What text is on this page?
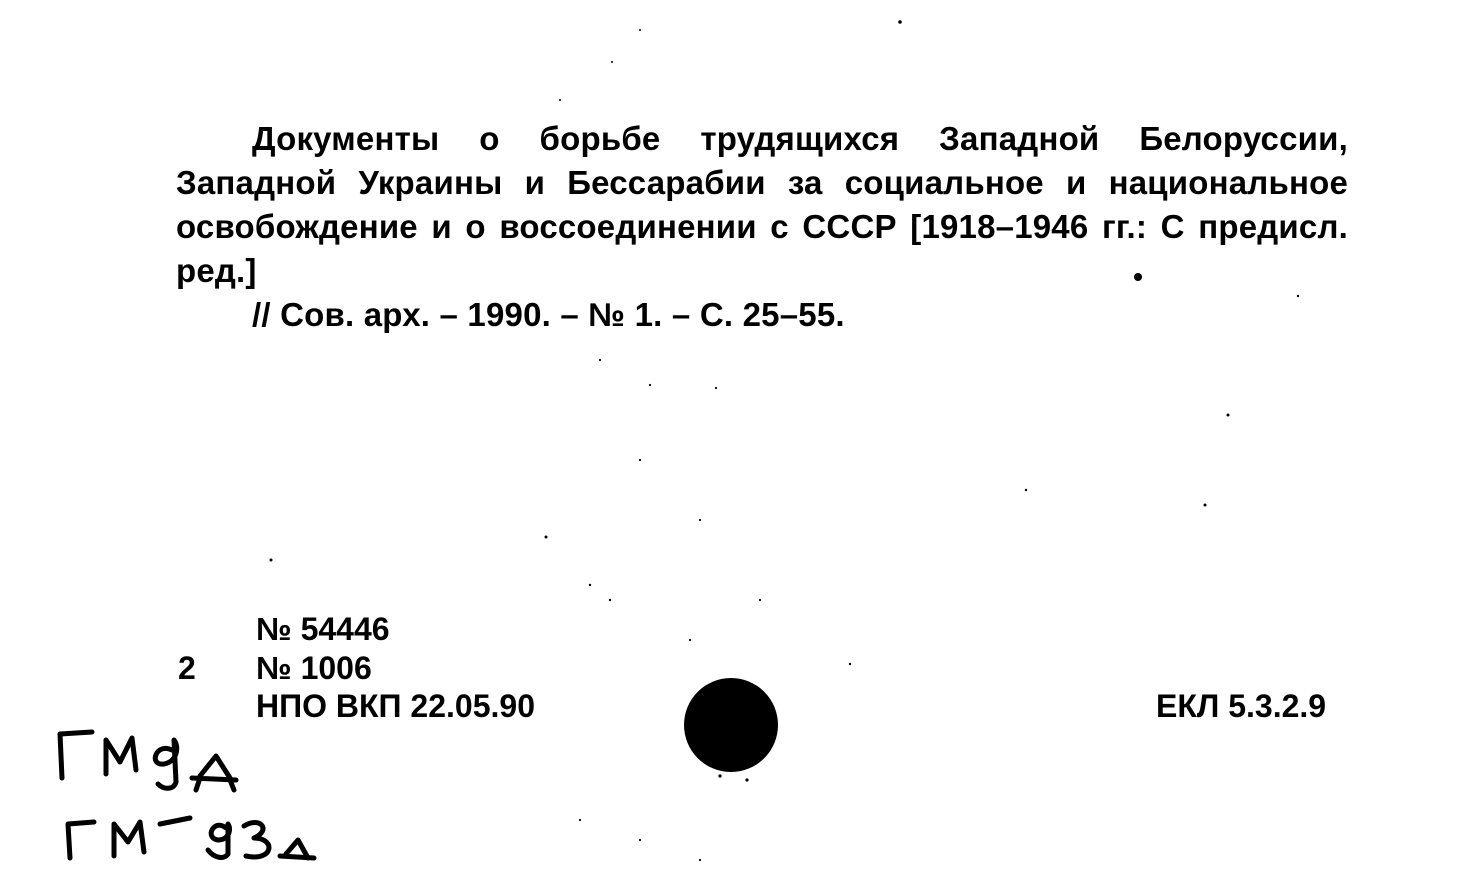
Документы о борьбе трудящихся Западной Белоруссии, Западной Украины и Бессарабии за социальное и национальное освобождение и о воссоединении с СССР [1918–1946 гг.: С предисл. ред.]

// Сов. арх. – 1990. – № 1. – С. 25–55.

№ 54446
2 № 1006
НПО ВКП 22.05.90	ЕКЛ 5.3.2.9
